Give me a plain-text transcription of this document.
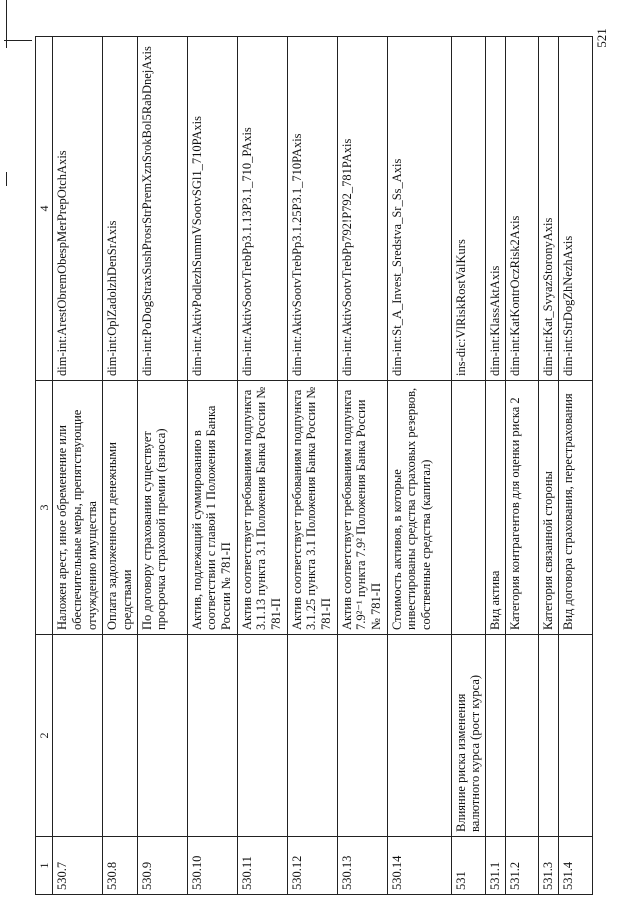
521
1	2	3	4
530.7		Наложен арест, иное обременение или обеспечительные меры, препятствующие отчуждению имущества	dim-int:ArestObremObespMerPrepOtchAxis
530.8		Оплата задолженности денежными средствами	dim-int:OplZadolzhDenSrAxis
530.9		По договору страхования существует просрочка страховой премии (взноса)	dim-int:PoDogStraxSushProsrStrPremXznSrokBol5RabDnejAxis
530.10		Актив, подлежащий суммированию в соответствии с главой 1 Положения Банка России № 781-П	dim-int:AktivPodlezhSummVSootvSGl1_710PAxis
530.11		Актив соответствует требованиям подпункта 3.1.13 пункта 3.1 Положения Банка России № 781-П	dim-int:AktivSootvTrebPp3.1.13P3.1_710_PAxis
530.12		Актив соответствует требованиям подпункта 3.1.25 пункта 3.1 Положения Банка России № 781-П	dim-int:AktivSootvTrebPp3.1.25P3.1_710PAxis
530.13		Актив соответствует требованиям подпункта 7.9²⁻¹ пункта 7.9² Положения Банка России № 781-П	dim-int:AktivSootvTrebPp792!P792_781PAxis
530.14		Стоимость активов, в которые инвестированы средства страховых резервов, собственные средства (капитал)	dim-int:St_A_Invest_Sredstva_Sr_Ss_Axis
531	Влияние риска изменения валютного курса (рост курса)		ins-dic:VlRiskRostValKurs
531.1		Вид актива	dim-int:KlassAktAxis
531.2		Категория контрагентов для оценки риска 2	dim-int:KatKontrOczRisk2Axis
531.3		Категория связанной стороны	dim-int:Kat_SvyazStoronyAxis
531.4		Вид договора страхования, перестрахования	dim-int:StrDogZhNezhAxis
